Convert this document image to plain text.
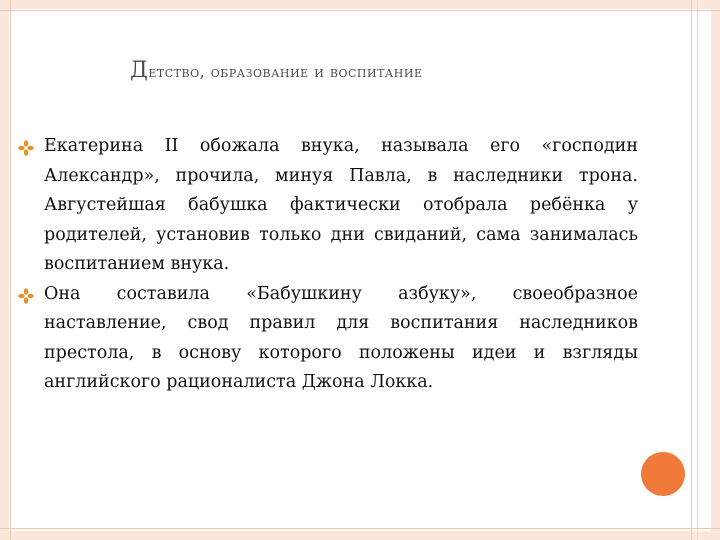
Детство, образование и воспитание
Екатерина II обожала внука, называла его «господин Александр», прочила, минуя Павла, в наследники трона. Августейшая бабушка фактически отобрала ребёнка у родителей, установив только дни свиданий, сама занималась воспитанием внука.
Она составила «Бабушкину азбуку», своеобразное наставление, свод правил для воспитания наследников престола, в основу которого положены идеи и взгляды английского рационалиста Джона Локка.
